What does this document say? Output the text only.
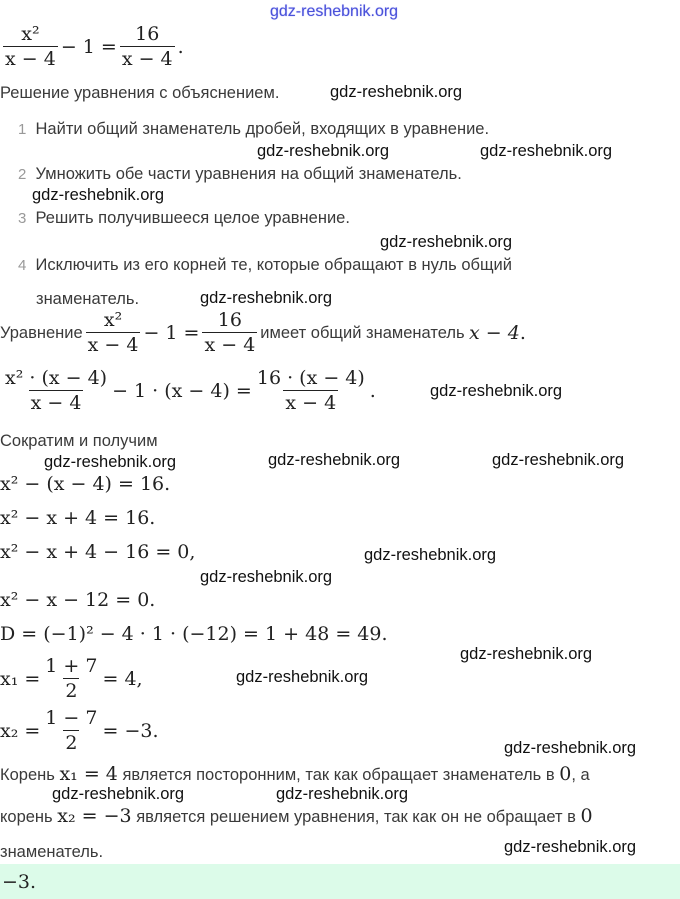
gdz-reshebnik.org
$\frac{\text{x²}}{x - 4} - 1 = \frac{16}{x - 4}$ .
Решение уравнения с объяснением.
1 Найти общий знаменатель дробей, входящих в уравнение.
2 Умножить обе части уравнения на общий знаменатель.
3 Решить получившееся целое уравнение.
4 Исключить из его корней те, которые обращают в нуль общий
знаменатель.
Уравнение $\frac{\text{x²}}{x - 4} - 1 = \frac{16}{x - 4}$ имеет общий знаменатель
x − 4.
$\frac{\text{x² · (x − 4)}}{x - 4} - 1 \cdot (x - 4) = \frac{16 \cdot (x - 4)}{x - 4}$ .
Сократим и получим
x² − (x − 4) = 16.
x² − x + 4 = 16.
x² − x + 4 − 16 = 0,
x² − x − 12 = 0.
D = (−1)² − 4 · 1 · (−12) = 1 + 48 = 49.
$x_1 = \frac{1 + 7}{2} = 4$,
$x_2 = \frac{1 - 7}{2} = -3$.
Корень x₁ = 4 является посторонним, так как обращает знаменатель в 0, а
корень x₂ = −3 является решением уравнения, так как он не обращает в 0
знаменатель.
−3.
gdz-reshebnik.org
gdz-reshebnik.org	gdz-reshebnik.org
gdz-reshebnik.org
gdz-reshebnik.org
gdz-reshebnik.org
gdz-reshebnik.org
gdz-reshebnik.org	gdz-reshebnik.org	gdz-reshebnik.org
gdz-reshebnik.org
gdz-reshebnik.org
gdz-reshebnik.org
gdz-reshebnik.org
gdz-reshebnik.org
gdz-reshebnik.org	gdz-reshebnik.org
gdz-reshebnik.org
